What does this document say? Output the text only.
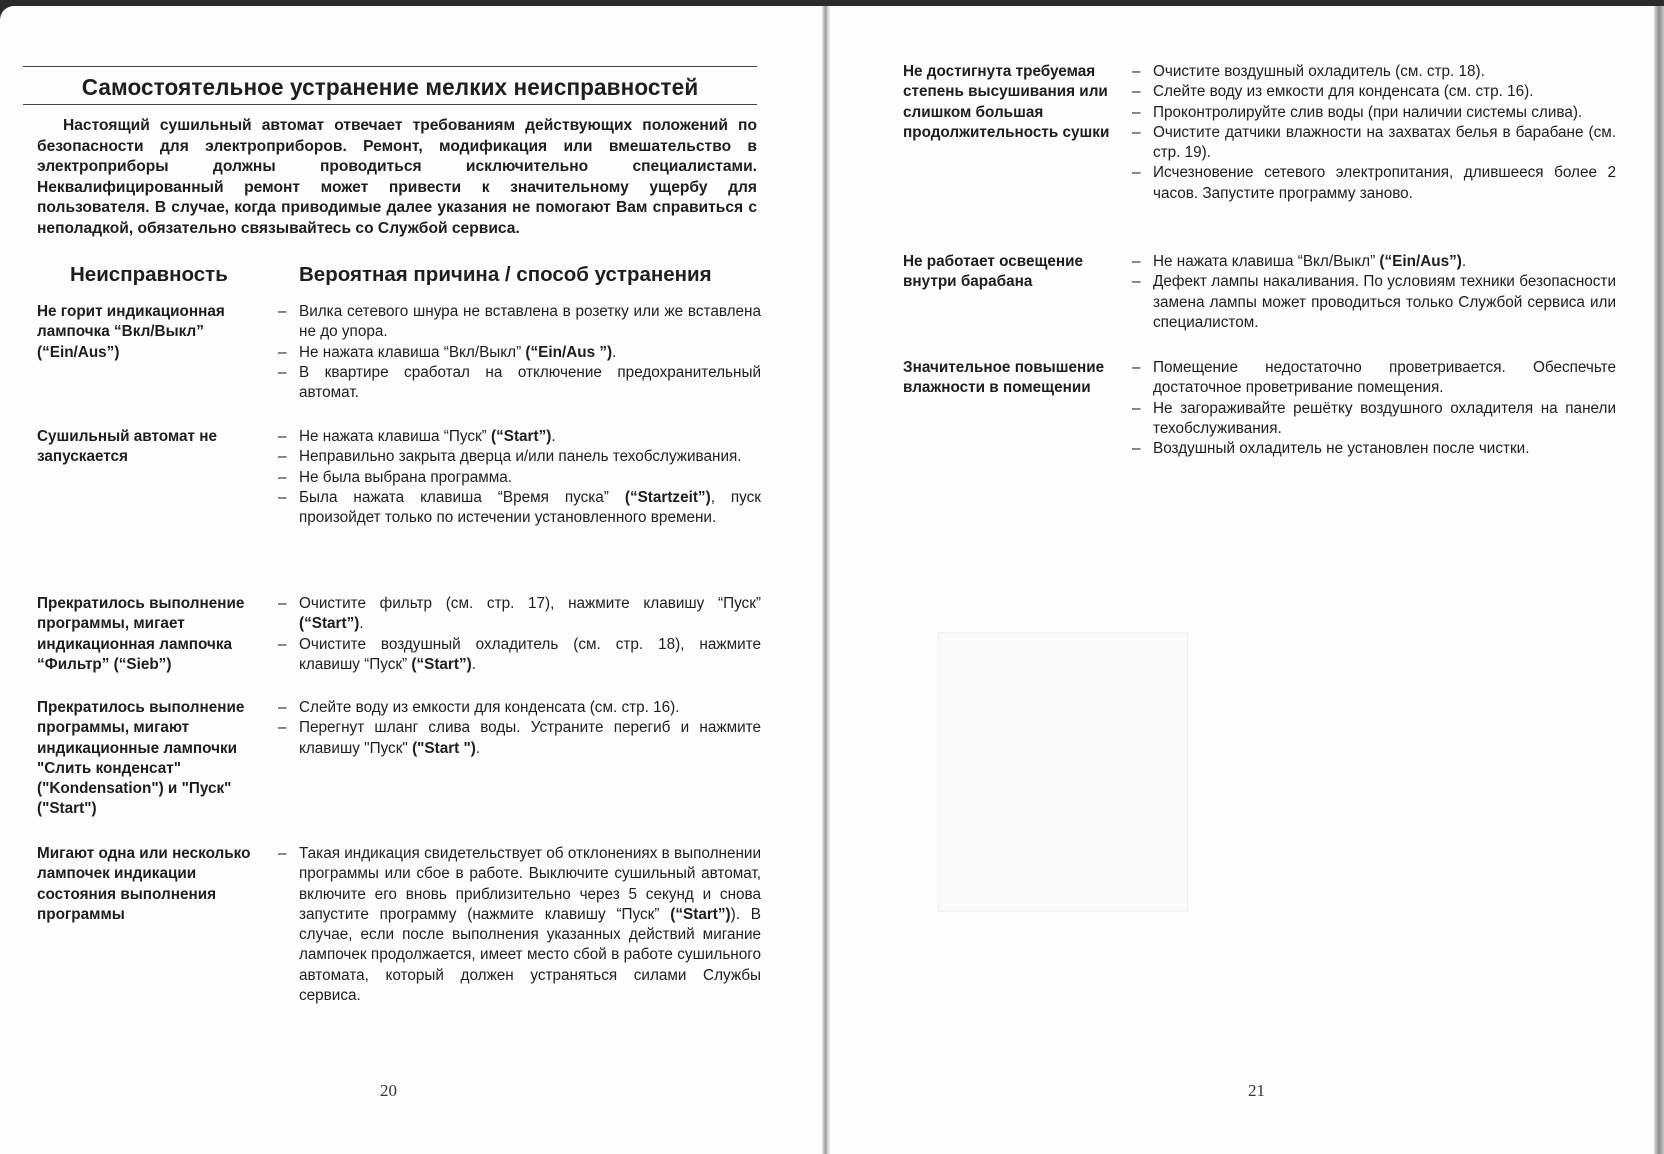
Самостоятельное устранение мелких неисправностей

Настоящий сушильный автомат отвечает требованиям действующих положений по безопасности для электроприборов. Ремонт, модификация или вмешательство в электроприборы должны проводиться исключительно специалистами. Неквалифицированный ремонт может привести к значительному ущербу для пользователя. В случае, когда приводимые далее указания не помогают Вам справиться с неполадкой, обязательно связывайтесь со Службой сервиса.

Неисправность	Вероятная причина / способ устранения
Не горит индикационная лампочка “Вкл/Выкл” (“Ein/Aus”)
– Вилка сетевого шнура не вставлена в розетку или же вставлена не до упора.
– Не нажата клавиша “Вкл/Выкл” (“Ein/Aus ”).
– В квартире сработал на отключение предохранительный автомат.
Сушильный автомат не запускается
– Не нажата клавиша “Пуск” (“Start”).
– Неправильно закрыта дверца и/или панель техобслуживания.
– Не была выбрана программа.
– Была нажата клавиша “Время пуска” (“Startzeit”), пуск произойдет только по истечении установленного времени.
Прекратилось выполнение программы, мигает индикационная лампочка “Фильтр” (“Sieb”)
– Очистите фильтр (см. стр. 17), нажмите клавишу “Пуск” (“Start”).
– Очистите воздушный охладитель (см. стр. 18), нажмите клавишу “Пуск” (“Start”).
Прекратилось выполнение программы, мигают индикационные лампочки "Слить конденсат" ("Kondensation") и "Пуск" ("Start")
– Слейте воду из емкости для конденсата (см. стр. 16).
– Перегнут шланг слива воды. Устраните перегиб и нажмите клавишу "Пуск" ("Start ").
Мигают одна или несколько лампочек индикации состояния выполнения программы
– Такая индикация свидетельствует об отклонениях в выполнении программы или сбое в работе. Выключите сушильный автомат, включите его вновь приблизительно через 5 секунд и снова запустите программу (нажмите клавишу “Пуск” (“Start”)). В случае, если после выполнения указанных действий мигание лампочек продолжается, имеет место сбой в работе сушильного автомата, который должен устраняться силами Службы сервиса.
20
Не достигнута требуемая степень высушивания или слишком большая продолжительность сушки
– Очистите воздушный охладитель (см. стр. 18).
– Слейте воду из емкости для конденсата (см. стр. 16).
– Проконтролируйте слив воды (при наличии системы слива).
– Очистите датчики влажности на захватах белья в барабане (см. стр. 19).
– Исчезновение сетевого электропитания, длившееся более 2 часов. Запустите программу заново.
Не работает освещение внутри барабана
– Не нажата клавиша “Вкл/Выкл” (“Ein/Aus”).
– Дефект лампы накаливания. По условиям техники безопасности замена лампы может проводиться только Службой сервиса или специалистом.
Значительное повышение влажности в помещении
– Помещение недостаточно проветривается. Обеспечьте достаточное проветривание помещения.
– Не загораживайте решётку воздушного охладителя на панели техобслуживания.
– Воздушный охладитель не установлен после чистки.
21
